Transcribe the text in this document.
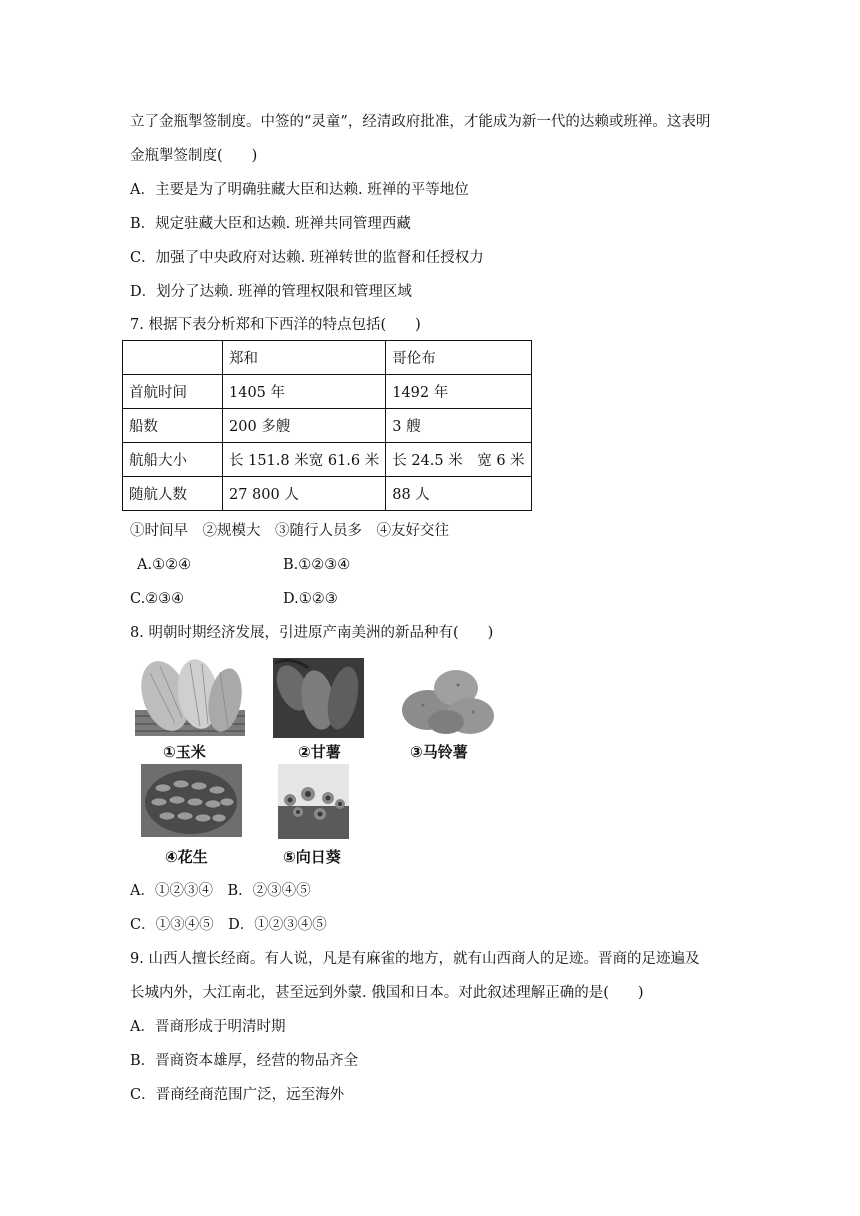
立了金瓶掣签制度。中签的“灵童”，经清政府批准，才能成为新一代的达赖或班禅。这表明
金瓶掣签制度(　　)
A．主要是为了明确驻藏大臣和达赖. 班禅的平等地位
B．规定驻藏大臣和达赖. 班禅共同管理西藏
C．加强了中央政府对达赖. 班禅转世的监督和任授权力
D．划分了达赖. 班禅的管理权限和管理区域
7. 根据下表分析郑和下西洋的特点包括(　　)
	郑和	哥伦布
首航时间	1405 年	1492 年
船数	200 多艘	3 艘
航船大小	长 151.8 米宽 61.6 米	长 24.5 米　宽 6 米
随航人数	27 800 人	88 人
①时间早　②规模大　③随行人员多　④友好交往
A.①②④	B.①②③④
C.②③④	D.①②③
8. 明朝时期经济发展，引进原产南美洲的新品种有(　　)
①玉米	②甘薯	③马铃薯
④花生	⑤向日葵
A．①②③④　B．②③④⑤
C．①③④⑤　D．①②③④⑤
9. 山西人擅长经商。有人说，凡是有麻雀的地方，就有山西商人的足迹。晋商的足迹遍及
长城内外，大江南北，甚至远到外蒙. 俄国和日本。对此叙述理解正确的是(　　)
A．晋商形成于明清时期
B．晋商资本雄厚，经营的物品齐全
C．晋商经商范围广泛，远至海外
